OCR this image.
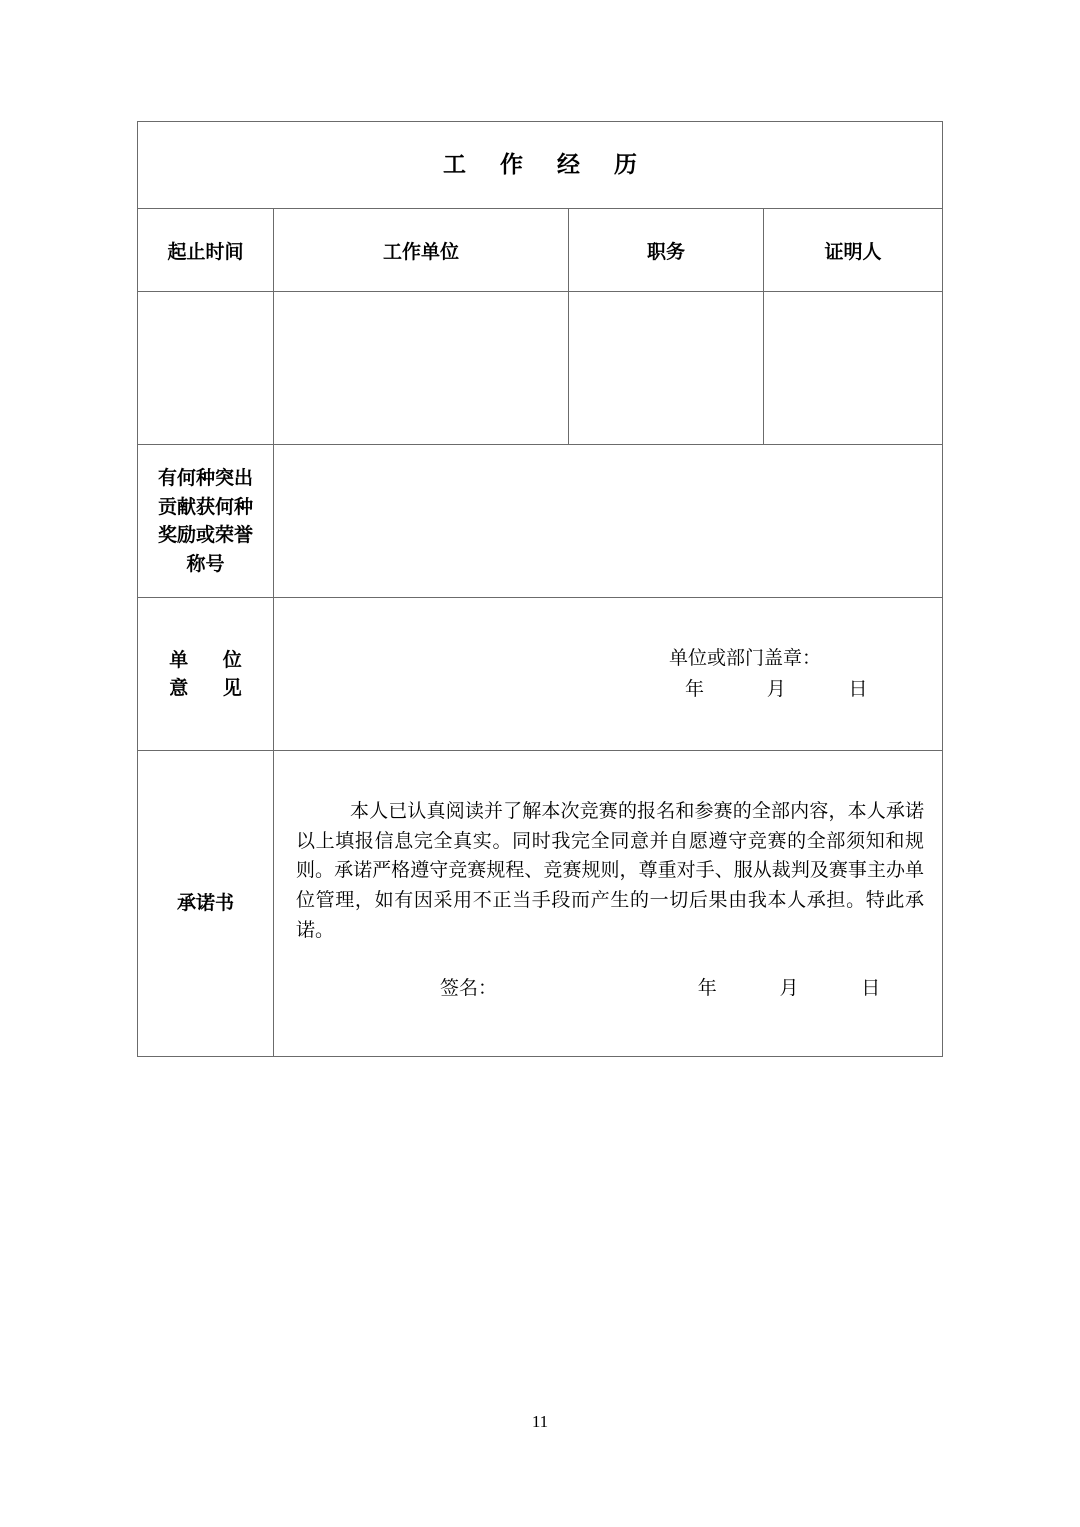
工 作 经 历			
起止时间	工作单位	职务	证明人

有何种突出
贡献获何种
奖励或荣誉
称号			

单 位
意 见	单位或部门盖章：
年 月 日		

承诺书	本人已认真阅读并了解本次竞赛的报名和参赛的全部内容，本人承诺以上填报信息完全真实。同时我完全同意并自愿遵守竞赛的全部须知和规则。承诺严格遵守竞赛规程、竞赛规则，尊重对手、服从裁判及赛事主办单位管理，如有因采用不正当手段而产生的一切后果由我本人承担。特此承诺。
签名： 年 月 日		
11
